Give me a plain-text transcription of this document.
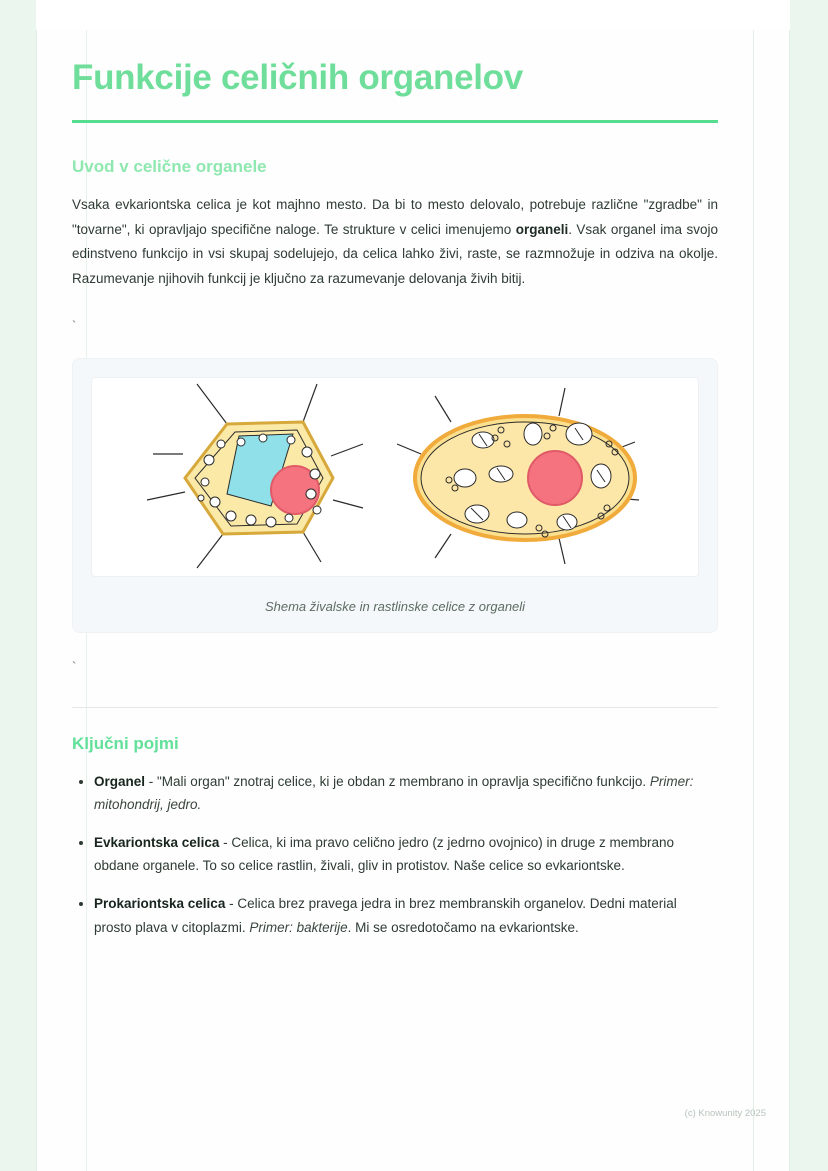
Funkcije celičnih organelov
Uvod v celične organele

Vsaka evkariontska celica je kot majhno mesto. Da bi to mesto delovalo, potrebuje različne "zgradbe" in "tovarne", ki opravljajo specifične naloge. Te strukture v celici imenujemo organeli. Vsak organel ima svojo edinstveno funkcijo in vsi skupaj sodelujejo, da celica lahko živi, raste, se razmnožuje in odziva na okolje. Razumevanje njihovih funkcij je ključno za razumevanje delovanja živih bitij.

`

Shema živalske in rastlinske celice z organeli

`

Ključni pojmi
• Organel - "Mali organ" znotraj celice, ki je obdan z membrano in opravlja specifično funkcijo. Primer: mitohondrij, jedro.
• Evkariontska celica - Celica, ki ima pravo celično jedro (z jedrno ovojnico) in druge z membrano obdane organele. To so celice rastlin, živali, gliv in protistov. Naše celice so evkariontske.
• Prokariontska celica - Celica brez pravega jedra in brez membranskih organelov. Dedni material prosto plava v citoplazmi. Primer: bakterije. Mi se osredotočamo na evkariontske.
(c) Knowunity 2025
